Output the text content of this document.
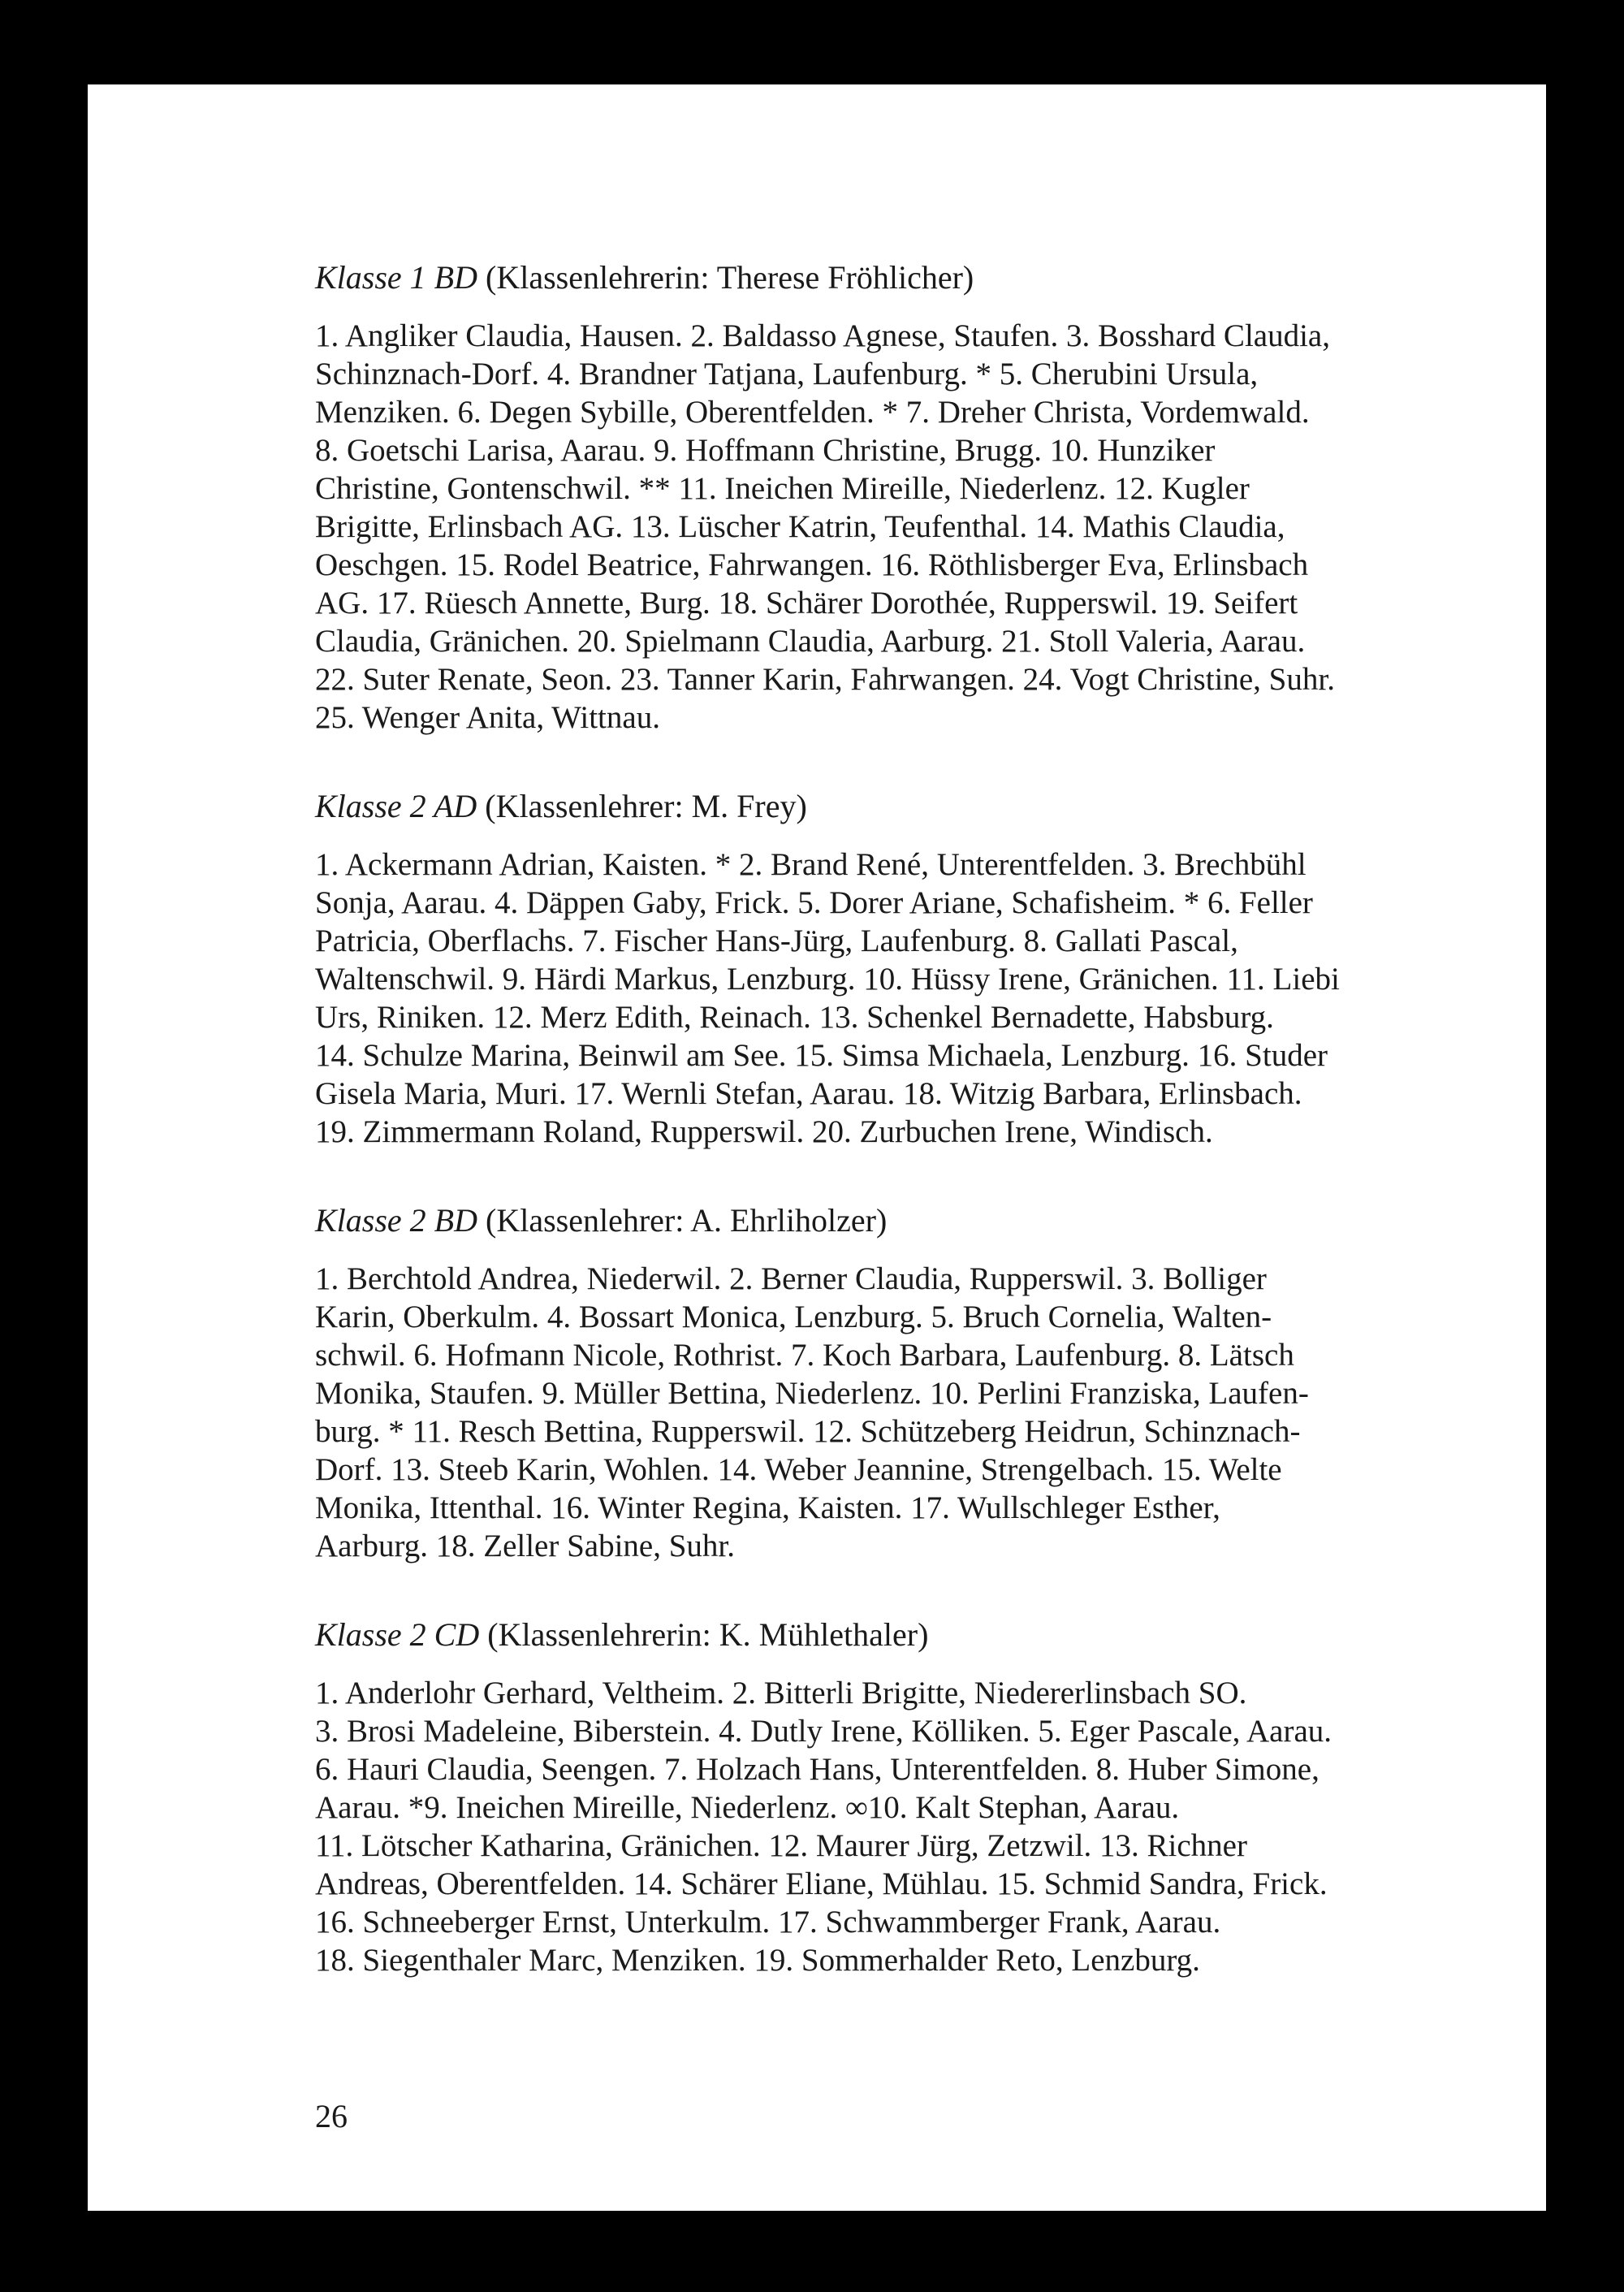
Klasse 1 BD (Klassenlehrerin: Therese Fröhlicher)

1. Angliker Claudia, Hausen. 2. Baldasso Agnese, Staufen. 3. Bosshard Claudia,
Schinznach-Dorf. 4. Brandner Tatjana, Laufenburg. * 5. Cherubini Ursula,
Menziken. 6. Degen Sybille, Oberentfelden. * 7. Dreher Christa, Vordemwald.
8. Goetschi Larisa, Aarau. 9. Hoffmann Christine, Brugg. 10. Hunziker
Christine, Gontenschwil. ** 11. Ineichen Mireille, Niederlenz. 12. Kugler
Brigitte, Erlinsbach AG. 13. Lüscher Katrin, Teufenthal. 14. Mathis Claudia,
Oeschgen. 15. Rodel Beatrice, Fahrwangen. 16. Röthlisberger Eva, Erlinsbach
AG. 17. Rüesch Annette, Burg. 18. Schärer Dorothée, Rupperswil. 19. Seifert
Claudia, Gränichen. 20. Spielmann Claudia, Aarburg. 21. Stoll Valeria, Aarau.
22. Suter Renate, Seon. 23. Tanner Karin, Fahrwangen. 24. Vogt Christine, Suhr.
25. Wenger Anita, Wittnau.

Klasse 2 AD (Klassenlehrer: M. Frey)

1. Ackermann Adrian, Kaisten. * 2. Brand René, Unterentfelden. 3. Brechbühl
Sonja, Aarau. 4. Däppen Gaby, Frick. 5. Dorer Ariane, Schafisheim. * 6. Feller
Patricia, Oberflachs. 7. Fischer Hans-Jürg, Laufenburg. 8. Gallati Pascal,
Waltenschwil. 9. Härdi Markus, Lenzburg. 10. Hüssy Irene, Gränichen. 11. Liebi
Urs, Riniken. 12. Merz Edith, Reinach. 13. Schenkel Bernadette, Habsburg.
14. Schulze Marina, Beinwil am See. 15. Simsa Michaela, Lenzburg. 16. Studer
Gisela Maria, Muri. 17. Wernli Stefan, Aarau. 18. Witzig Barbara, Erlinsbach.
19. Zimmermann Roland, Rupperswil. 20. Zurbuchen Irene, Windisch.

Klasse 2 BD (Klassenlehrer: A. Ehrliholzer)

1. Berchtold Andrea, Niederwil. 2. Berner Claudia, Rupperswil. 3. Bolliger
Karin, Oberkulm. 4. Bossart Monica, Lenzburg. 5. Bruch Cornelia, Walten-
schwil. 6. Hofmann Nicole, Rothrist. 7. Koch Barbara, Laufenburg. 8. Lätsch
Monika, Staufen. 9. Müller Bettina, Niederlenz. 10. Perlini Franziska, Laufen-
burg. * 11. Resch Bettina, Rupperswil. 12. Schützeberg Heidrun, Schinznach-
Dorf. 13. Steeb Karin, Wohlen. 14. Weber Jeannine, Strengelbach. 15. Welte
Monika, Ittenthal. 16. Winter Regina, Kaisten. 17. Wullschleger Esther,
Aarburg. 18. Zeller Sabine, Suhr.

Klasse 2 CD (Klassenlehrerin: K. Mühlethaler)

1. Anderlohr Gerhard, Veltheim. 2. Bitterli Brigitte, Niedererlinsbach SO.
3. Brosi Madeleine, Biberstein. 4. Dutly Irene, Kölliken. 5. Eger Pascale, Aarau.
6. Hauri Claudia, Seengen. 7. Holzach Hans, Unterentfelden. 8. Huber Simone,
Aarau. *9. Ineichen Mireille, Niederlenz. ∞10. Kalt Stephan, Aarau.
11. Lötscher Katharina, Gränichen. 12. Maurer Jürg, Zetzwil. 13. Richner
Andreas, Oberentfelden. 14. Schärer Eliane, Mühlau. 15. Schmid Sandra, Frick.
16. Schneeberger Ernst, Unterkulm. 17. Schwammberger Frank, Aarau.
18. Siegenthaler Marc, Menziken. 19. Sommerhalder Reto, Lenzburg.

26
